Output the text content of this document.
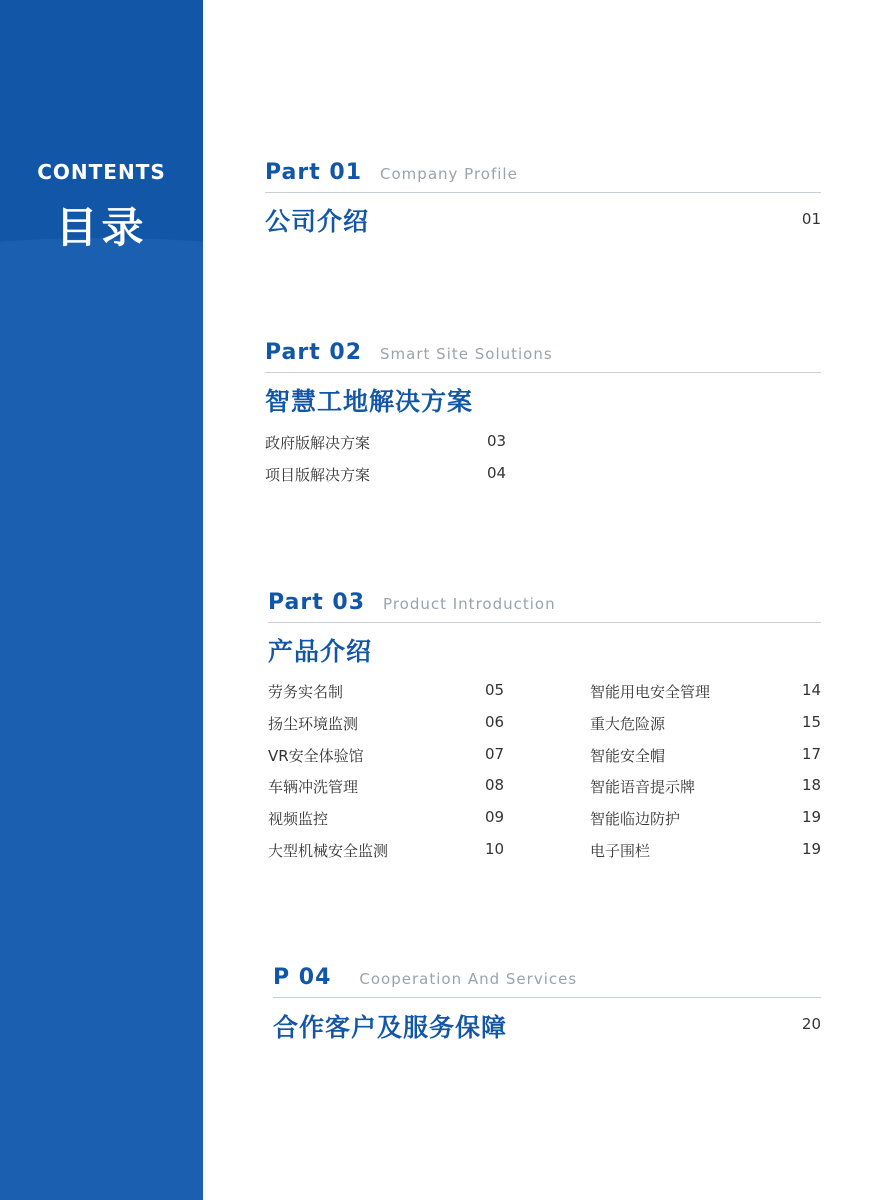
CONTENTS
目录
Part 01 Company Profile
公司介绍	01
Part 02 Smart Site Solutions
智慧工地解决方案
政府版解决方案	03
项目版解决方案	04
Part 03 Product Introduction
产品介绍
劳务实名制	05
扬尘环境监测	06
VR安全体验馆	07
车辆冲洗管理	08
视频监控	09
大型机械安全监测	10
智能用电安全管理	14
重大危险源	15
智能安全帽	17
智能语音提示牌	18
智能临边防护	19
电子围栏	19
P 04 Cooperation And Services
合作客户及服务保障	20
